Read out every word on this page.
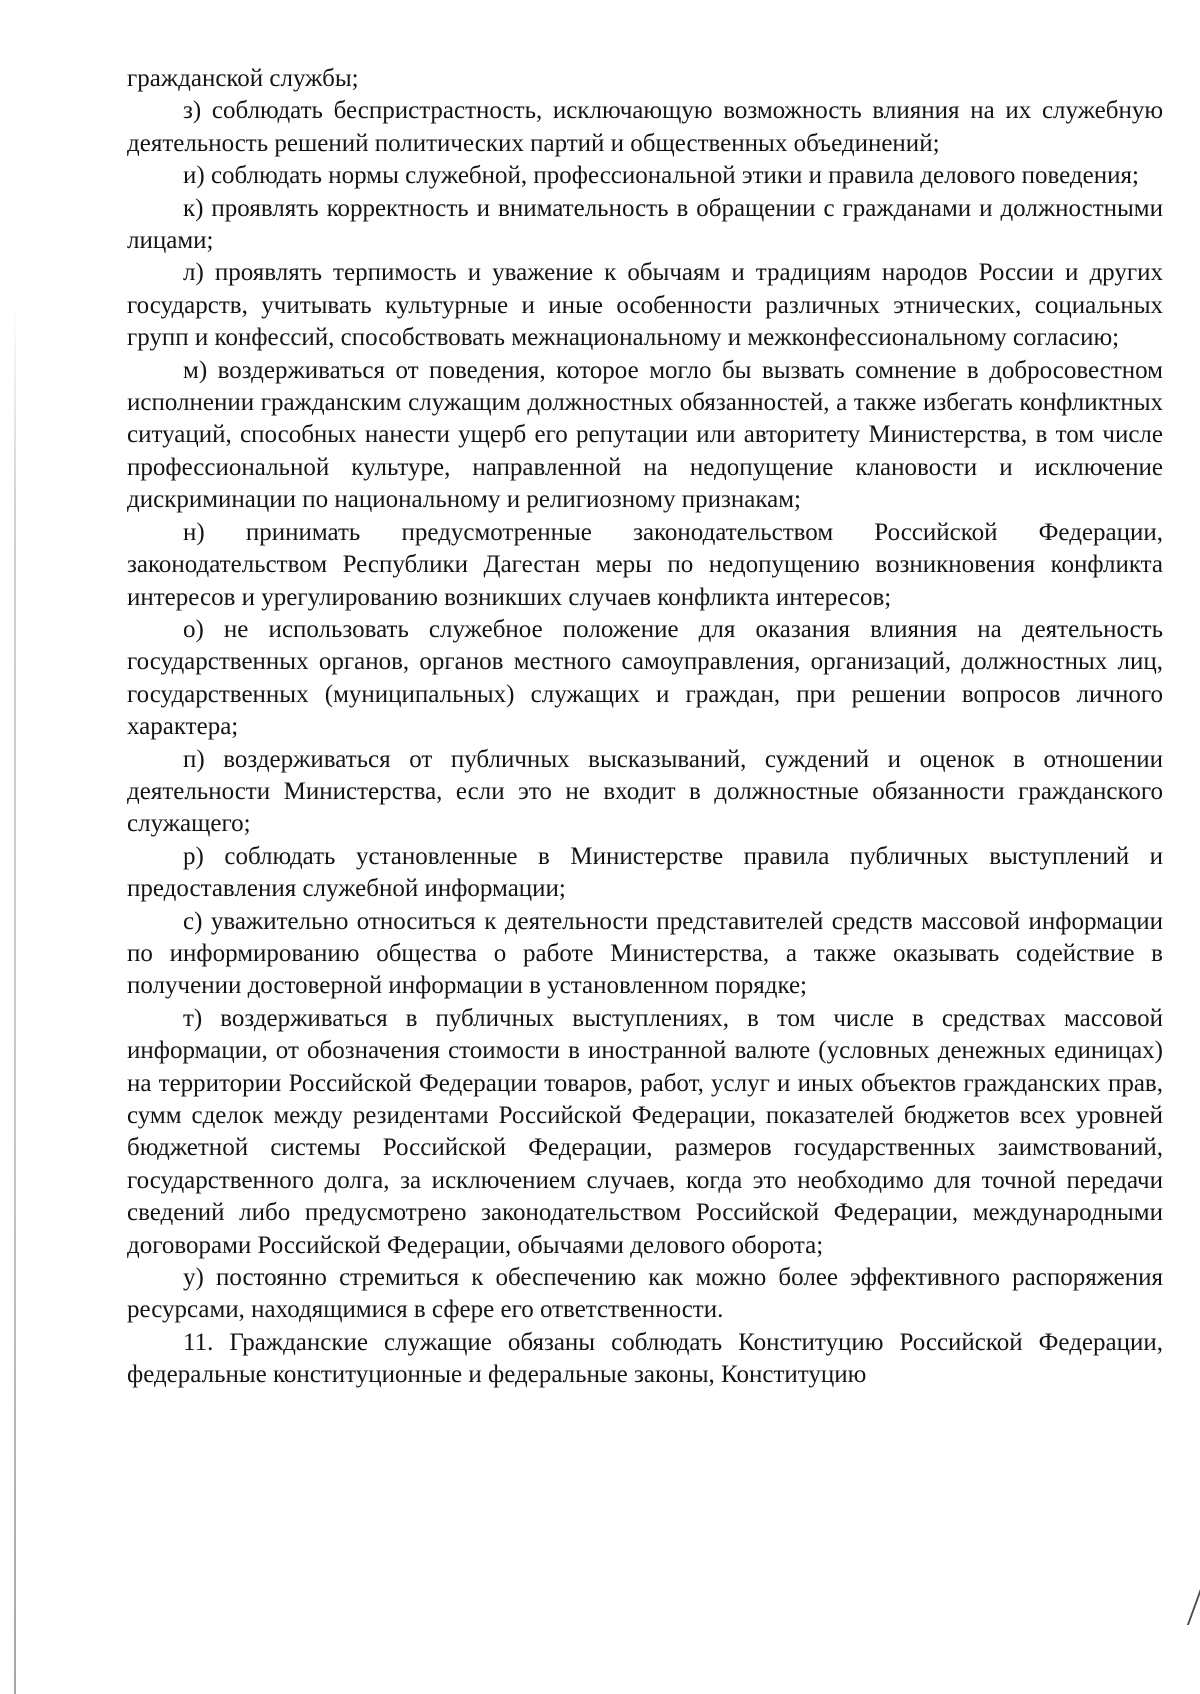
гражданской службы;

з) соблюдать беспристрастность, исключающую возможность влияния на их служебную деятельность решений политических партий и общественных объединений;

и) соблюдать нормы служебной, профессиональной этики и правила делового поведения;

к) проявлять корректность и внимательность в обращении с гражданами и должностными лицами;

л) проявлять терпимость и уважение к обычаям и традициям народов России и других государств, учитывать культурные и иные особенности различных этнических, социальных групп и конфессий, способствовать межнациональному и межконфессиональному согласию;

м) воздерживаться от поведения, которое могло бы вызвать сомнение в добросовестном исполнении гражданским служащим должностных обязанностей, а также избегать конфликтных ситуаций, способных нанести ущерб его репутации или авторитету Министерства, в том числе профессиональной культуре, направленной на недопущение клановости и исключение дискриминации по национальному и религиозному признакам;

н) принимать предусмотренные законодательством Российской Федерации, законодательством Республики Дагестан меры по недопущению возникновения конфликта интересов и урегулированию возникших случаев конфликта интересов;

о) не использовать служебное положение для оказания влияния на деятельность государственных органов, органов местного самоуправления, организаций, должностных лиц, государственных (муниципальных) служащих и граждан, при решении вопросов личного характера;

п) воздерживаться от публичных высказываний, суждений и оценок в отношении деятельности Министерства, если это не входит в должностные обязанности гражданского служащего;

р) соблюдать установленные в Министерстве правила публичных выступлений и предоставления служебной информации;

с) уважительно относиться к деятельности представителей средств массовой информации по информированию общества о работе Министерства, а также оказывать содействие в получении достоверной информации в установленном порядке;

т) воздерживаться в публичных выступлениях, в том числе в средствах массовой информации, от обозначения стоимости в иностранной валюте (условных денежных единицах) на территории Российской Федерации товаров, работ, услуг и иных объектов гражданских прав, сумм сделок между резидентами Российской Федерации, показателей бюджетов всех уровней бюджетной системы Российской Федерации, размеров государственных заимствований, государственного долга, за исключением случаев, когда это необходимо для точной передачи сведений либо предусмотрено законодательством Российской Федерации, международными договорами Российской Федерации, обычаями делового оборота;

у) постоянно стремиться к обеспечению как можно более эффективного распоряжения ресурсами, находящимися в сфере его ответственности.

11. Гражданские служащие обязаны соблюдать Конституцию Российской Федерации, федеральные конституционные и федеральные законы, Конституцию
